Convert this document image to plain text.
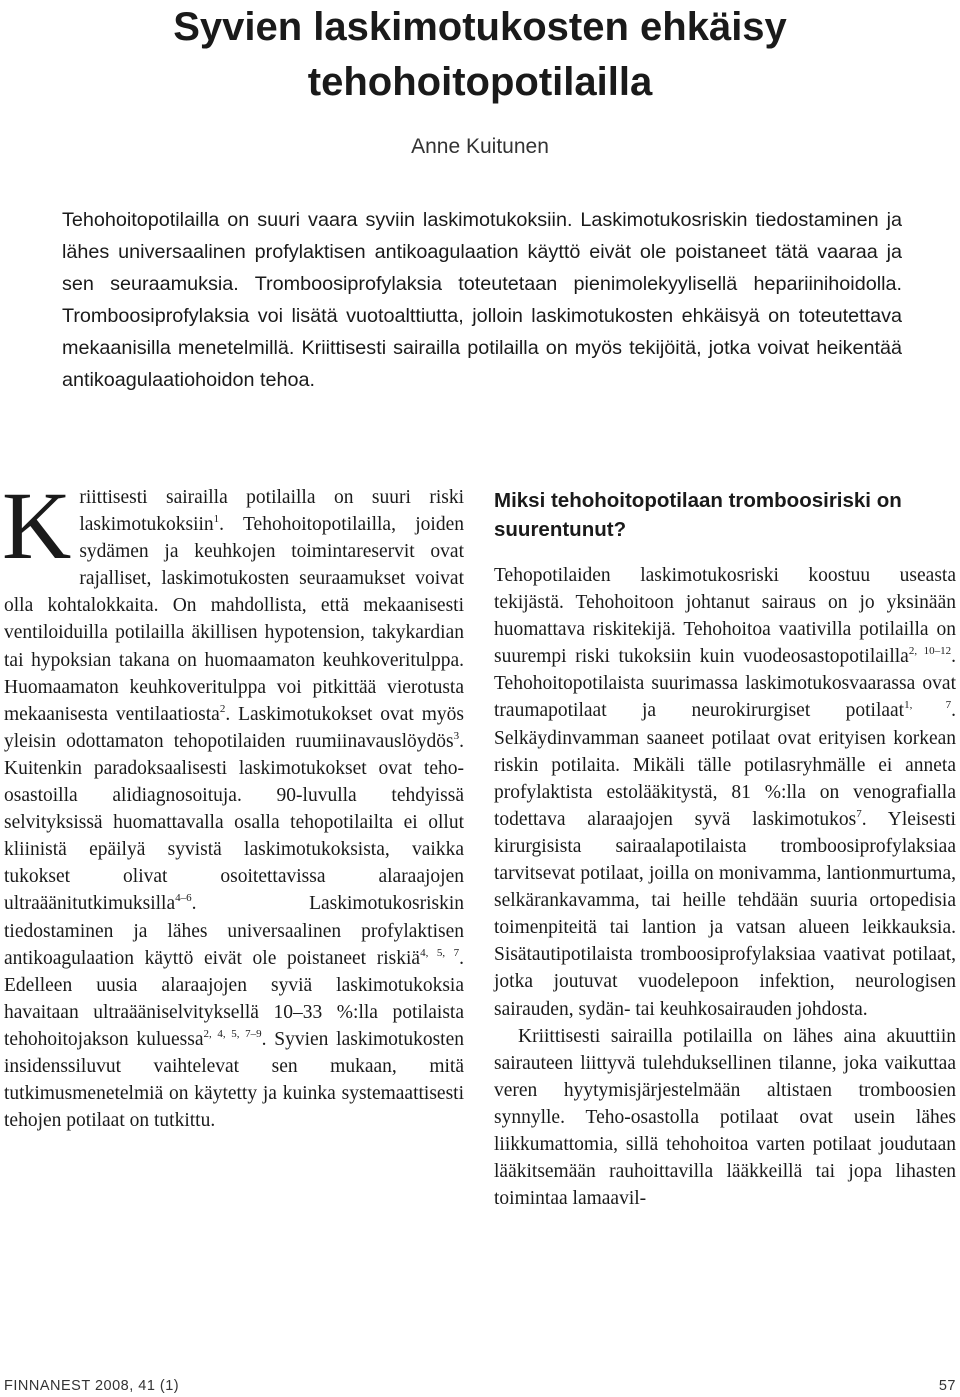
Syvien laskimotukosten ehkäisy tehohoitopotilailla
Anne Kuitunen

Tehohoitopotilailla on suuri vaara syviin laskimotukoksiin. Laskimotukosriskin tiedostaminen ja lähes universaalinen profylaktisen antikoagulaation käyttö eivät ole poistaneet tätä vaaraa ja sen seuraamuksia. Tromboosiprofylaksia toteutetaan pienimolekyylisellä hepariinihoidolla. Tromboosiprofylaksia voi lisätä vuotoalttiutta, jolloin laskimotukosten ehkäisyä on toteutettava mekaanisilla menetelmillä. Kriittisesti sairailla potilailla on myös tekijöitä, jotka voivat heikentää antikoagulaatiohoidon tehoa.

K riittisesti sairailla potilailla on suuri riski laskimotukoksiin$^1$. Tehohoitopotilailla, joiden sydämen ja keuhkojen toimintareservit ovat rajalliset, laskimotukosten seuraamukset voivat olla kohtalokkaita. On mahdollista, että mekaanisesti ventiloiduilla potilailla äkillisen hypotension, takykardian tai hypoksian takana on huomaamaton keuhkoveritulppa. Huomaamaton keuhkoveritulppa voi pitkittää vierotusta mekaanisesta ventilaatiosta$^2$. Laskimotukokset ovat myös yleisin odottamaton tehopotilaiden ruumiinavauslöydös$^3$. Kuitenkin paradoksaalisesti laskimotukokset ovat teho-osastoilla alidiagnosoituja. 90-luvulla tehdyissä selvityksissä huomattavalla osalla tehopotilailta ei ollut kliinistä epäilyä syvistä laskimotukoksista, vaikka tukokset olivat osoitettavissa alaraajojen ultraäänitutkimuksilla$^{4-6}$. Laskimotukosriskin tiedostaminen ja lähes universaalinen profylaktisen antikoagulaation käyttö eivät ole poistaneet riskiä$^{4, 5, 7}$. Edelleen uusia alaraajojen syviä laskimotukoksia havaitaan ultraääniselvityksellä 10–33 %:lla potilaista tehohoitojakson kuluessa$^{2, 4, 5, 7-9}$. Syvien laskimotukosten insidenssiluvut vaihtelevat sen mukaan, mitä tutkimusmenetelmiä on käytetty ja kuinka systemaattisesti tehojen potilaat on tutkittu.

Miksi tehohoitopotilaan tromboosiriski on suurentunut?

Tehopotilaiden laskimotukosriski koostuu useasta tekijästä. Tehohoitoon johtanut sairaus on jo yksinään huomattava riskitekijä. Tehohoitoa vaativilla potilailla on suurempi riski tukoksiin kuin vuodeosastopotilailla$^{2, 10-12}$. Tehohoitopotilaista suurimassa laskimotukosvaarassa ovat traumapotilaat ja neurokirurgiset potilaat$^{1, 7}$. Selkäydinvamman saaneet potilaat ovat erityisen korkean riskin potilaita. Mikäli tälle potilasryhmälle ei anneta profylaktista estolääkitystä, 81 %:lla on venografialla todettava alaraajojen syvä laskimotukos$^7$. Yleisesti kirurgisista sairaalapotilaista tromboosiprofylaksiaa tarvitsevat potilaat, joilla on monivamma, lantionmurtuma, selkärankavamma, tai heille tehdään suuria ortopedisia toimenpiteitä tai lantion ja vatsan alueen leikkauksia. Sisätautipotilaista tromboosiprofylaksiaa vaativat potilaat, jotka joutuvat vuodelepoon infektion, neurologisen sairauden, sydän- tai keuhkosairauden johdosta.

Kriittisesti sairailla potilailla on lähes aina akuuttiin sairauteen liittyvä tulehduksellinen tilanne, joka vaikuttaa veren hyytymisjärjestelmään altistaen tromboosien synnylle. Teho-osastolla potilaat ovat usein lähes liikkumattomia, sillä tehohoitoa varten potilaat joudutaan lääkitsemään rauhoittavilla lääkkeillä tai jopa lihasten toimintaa lamaavil-

FINNANEST 2008, 41 (1)	57
